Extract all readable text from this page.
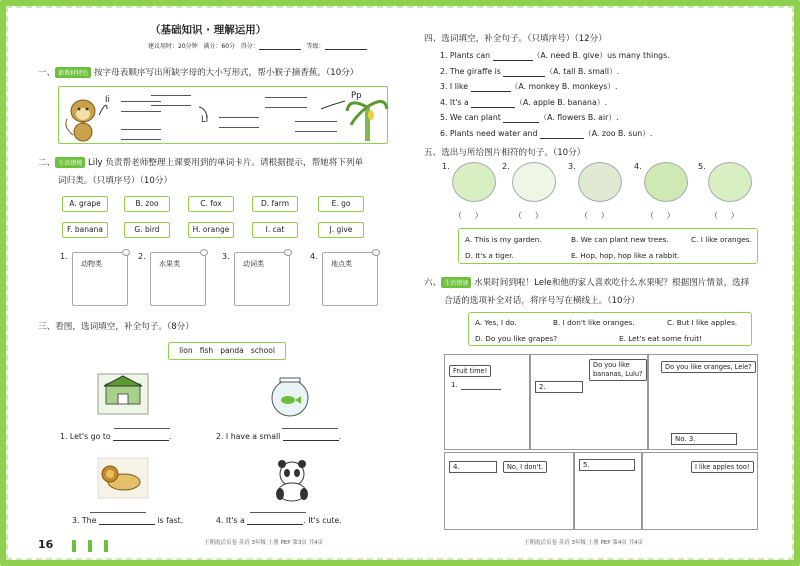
（基础知识 · 理解运用）
建议用时：20分钟 满分：60分 得分：	等级：
一、 新教材特色 按字母表顺序写出所缺字母的大小写形式，帮小猴子摘香蕉。（10分）
Ii
Ll
Pp
二、 生活情境 Lily 负责帮老师整理上课要用到的单词卡片。请根据提示，帮她将下列单
词归类。（只填序号）（10分）
A. grape	B. zoo	C. fox	D. farm	E. go
F. banana	G. bird	H. orange	I. cat	J. give
1.
动物类
2.
水果类
3.
动词类
4.
地点类
三、看图，选词填空，补全句子。（8分）
lion   fish   panda   school
1. Let's go to	.	2. I have a small	.
3. The	is fast.	4. It's a	. It's cute.
四、选词填空，补全句子。（只填序号）（12分）
1. Plants can	（A. need B. give）us many things.
2. The giraffe is	（A. tall B. small）.
3. I like	（A. monkey B. monkeys）.
4. It's a	（A. apple B. banana）.
5. We can plant	（A. flowers B. air）.
6. Plants need water and	（A. zoo B. sun）.
五、选出与所给图片相符的句子。（10分）
1.
（     ）
2.
（     ）
3.
（     ）
4.
（     ）
5.
（     ）
A. This is my garden.	B. We can plant new trees.	C. I like oranges.
D. It's a tiger.	E. Hop, hop, hop like a rabbit.
六、 生活情境 水果时间到啦！Lele和他的家人喜欢吃什么水果呢？根据图片情景，选择
合适的选项补全对话，将序号写在横线上。（10分）
A. Yes, I do.	B. I don't like oranges.	C. But I like apples.
D. Do you like grapes?	E. Let's eat some fruit!
Fruit time!
1.	2.
Do you like
bananas, Lulu?
Do you like oranges, Lele?
No. 3.
4.	No, I don't.	5.	I like apples too!
16	王朝霞活页卷 英语 3年级 上册 PEP 第3页 共4页	王朝霞活页卷 英语 3年级 上册 PEP 第4页 共4页
